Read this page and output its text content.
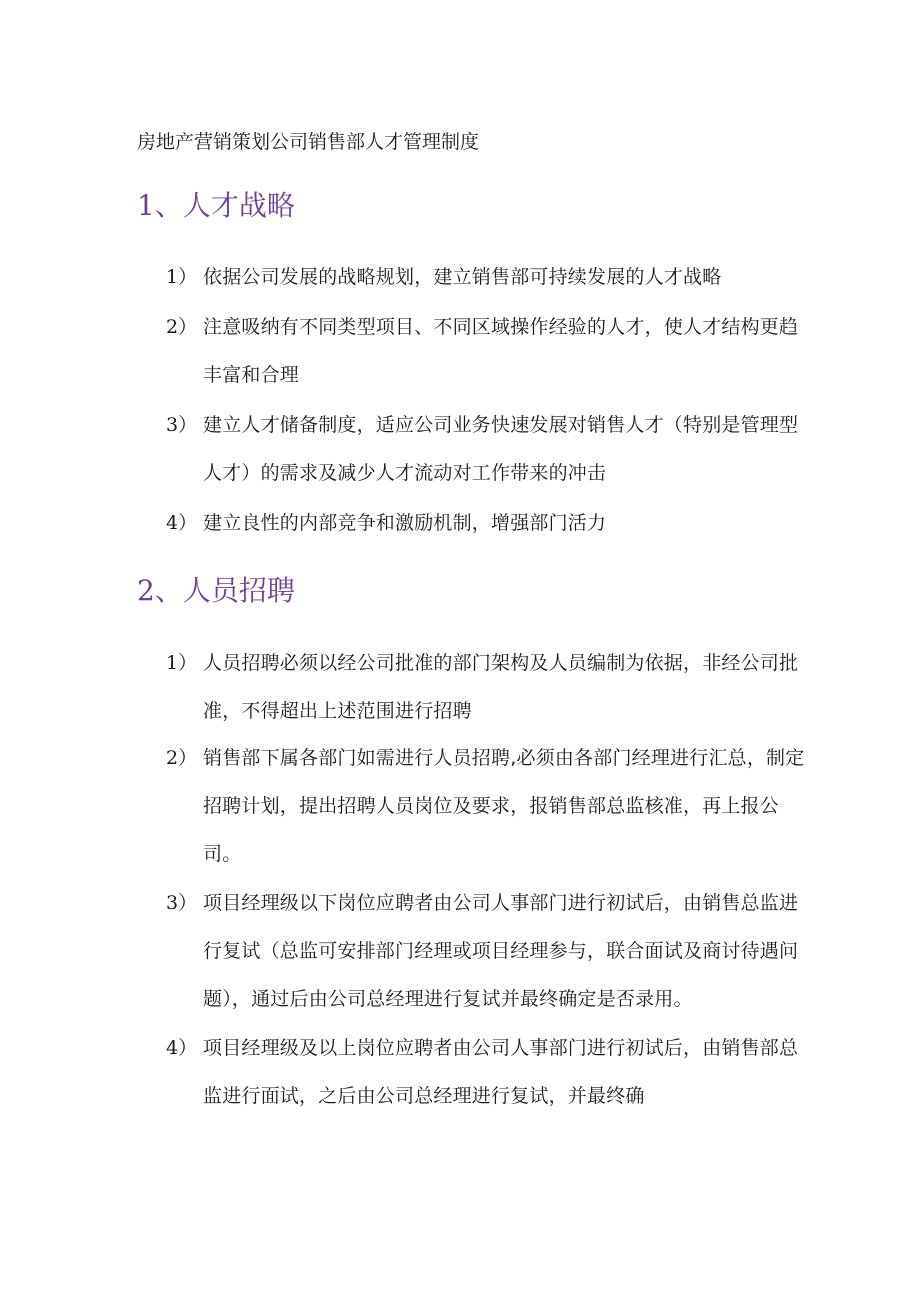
房地产营销策划公司销售部人才管理制度
1、人才战略
1） 依据公司发展的战略规划，建立销售部可持续发展的人才战略
2） 注意吸纳有不同类型项目、不同区域操作经验的人才，使人才结构更趋丰富和合理
3） 建立人才储备制度，适应公司业务快速发展对销售人才（特别是管理型人才）的需求及减少人才流动对工作带来的冲击
4） 建立良性的内部竞争和激励机制，增强部门活力
2、人员招聘
1） 人员招聘必须以经公司批准的部门架构及人员编制为依据，非经公司批准，不得超出上述范围进行招聘
2） 销售部下属各部门如需进行人员招聘,必须由各部门经理进行汇总，制定招聘计划，提出招聘人员岗位及要求，报销售部总监核准，再上报公司。
3） 项目经理级以下岗位应聘者由公司人事部门进行初试后，由销售总监进行复试（总监可安排部门经理或项目经理参与，联合面试及商讨待遇问题），通过后由公司总经理进行复试并最终确定是否录用。
4） 项目经理级及以上岗位应聘者由公司人事部门进行初试后，由销售部总监进行面试，之后由公司总经理进行复试，并最终确
